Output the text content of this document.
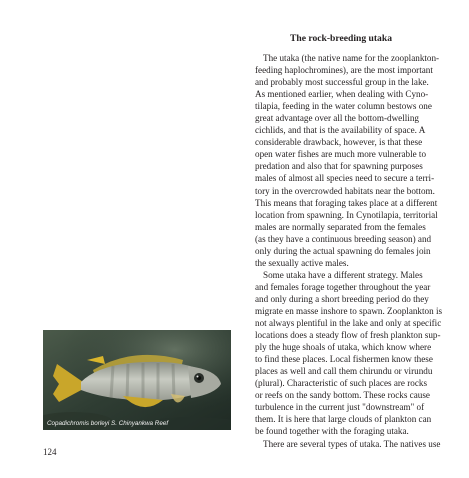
The rock-breeding utaka
The utaka (the native name for the zooplankton-
feeding haplochromines), are the most important
and probably most successful group in the lake.
As mentioned earlier, when dealing with Cyno-
tilapia, feeding in the water column bestows one
great advantage over all the bottom-dwelling
cichlids, and that is the availability of space. A
considerable drawback, however, is that these
open water fishes are much more vulnerable to
predation and also that for spawning purposes
males of almost all species need to secure a terri-
tory in the overcrowded habitats near the bottom.
This means that foraging takes place at a different
location from spawning. In Cynotilapia, territorial
males are normally separated from the females
(as they have a continuous breeding season) and
only during the actual spawning do females join
the sexually active males.
Some utaka have a different strategy. Males
and females forage together throughout the year
and only during a short breeding period do they
migrate en masse inshore to spawn. Zooplankton is
not always plentiful in the lake and only at specific
locations does a steady flow of fresh plankton sup-
ply the huge shoals of utaka, which know where
to find these places. Local fishermen know these
places as well and call them chirundu or virundu
(plural). Characteristic of such places are rocks
or reefs on the sandy bottom. These rocks cause
turbulence in the current just "downstream" of
them. It is here that large clouds of plankton can
be found together with the foraging utaka.
There are several types of utaka. The natives use
Copadichromis borleyi S. Chinyankwa Reef
124
